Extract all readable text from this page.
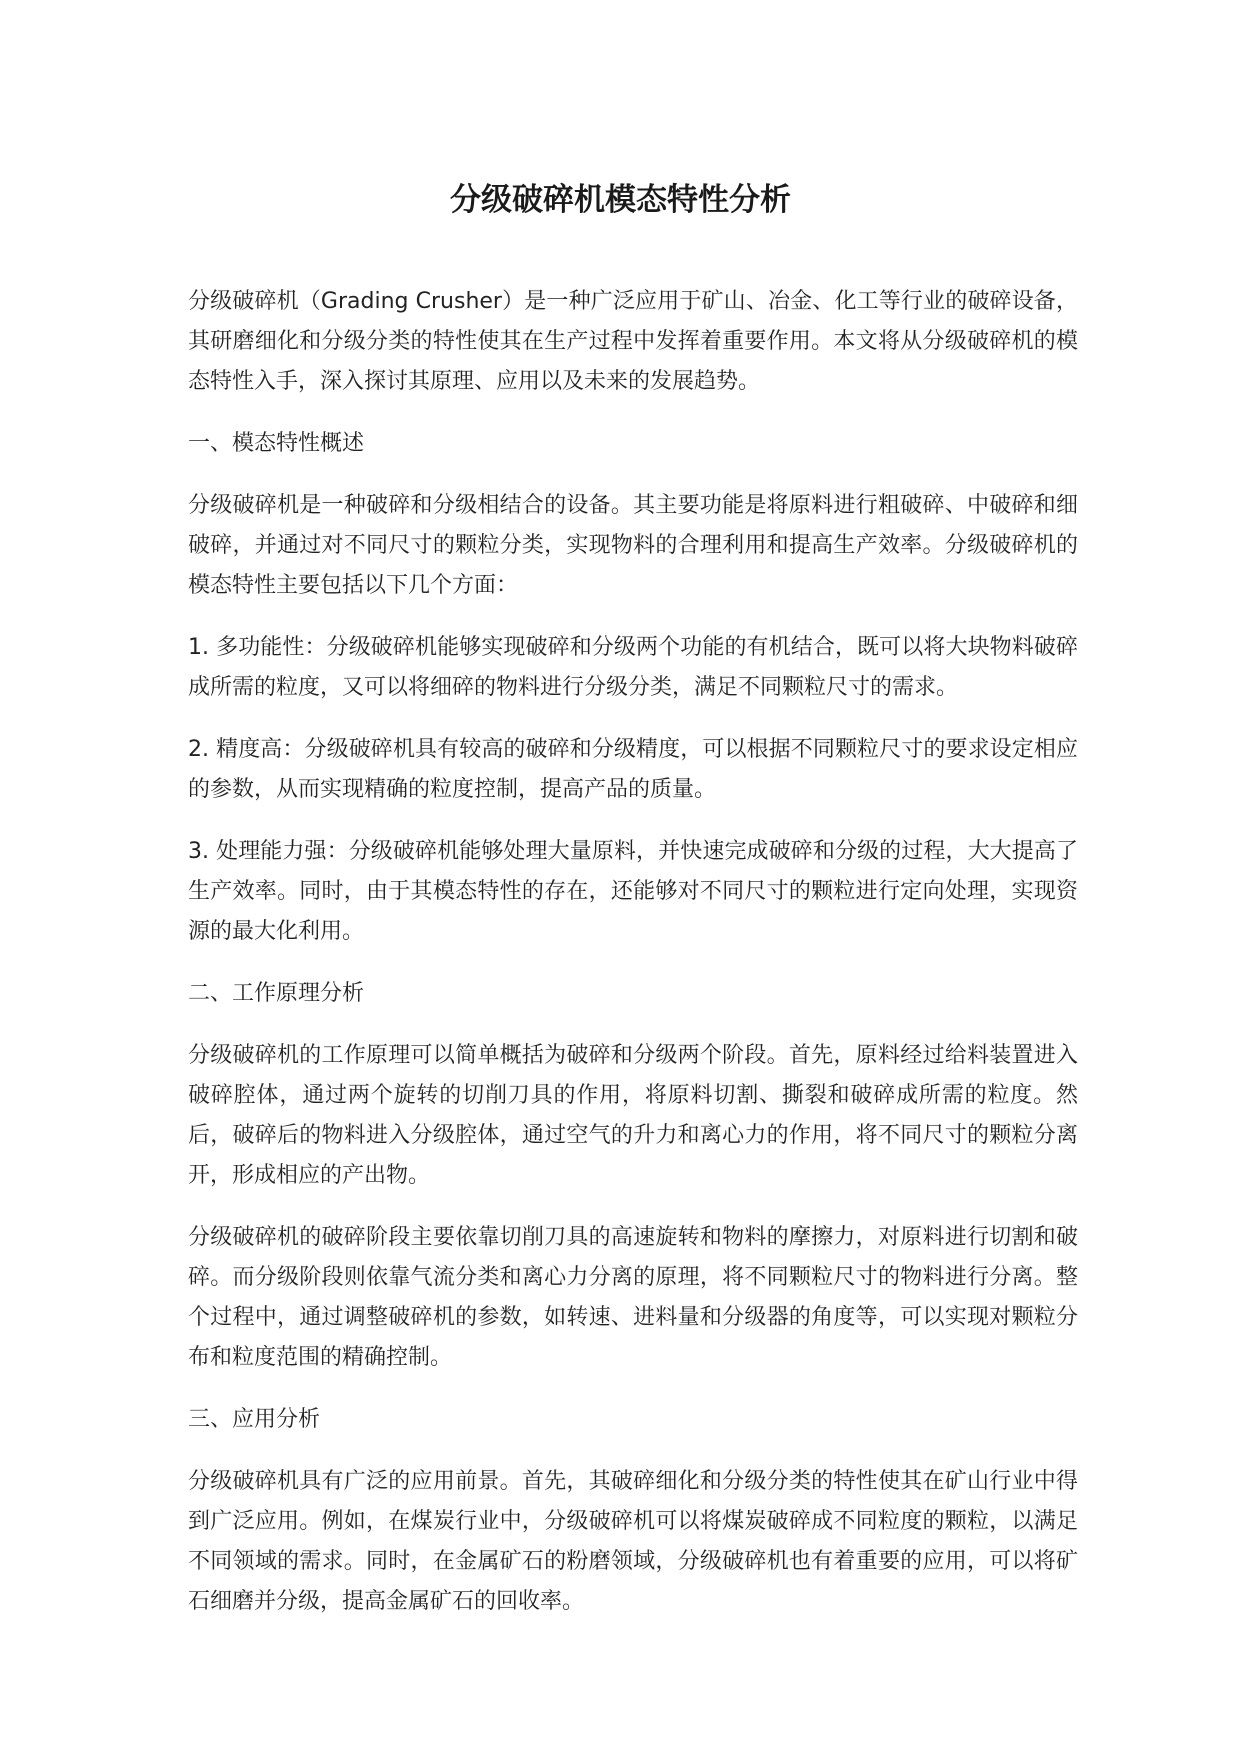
分级破碎机模态特性分析

分级破碎机（Grading Crusher）是一种广泛应用于矿山、冶金、化工等行业的破碎设备，其研磨细化和分级分类的特性使其在生产过程中发挥着重要作用。本文将从分级破碎机的模态特性入手，深入探讨其原理、应用以及未来的发展趋势。

一、模态特性概述

分级破碎机是一种破碎和分级相结合的设备。其主要功能是将原料进行粗破碎、中破碎和细破碎，并通过对不同尺寸的颗粒分类，实现物料的合理利用和提高生产效率。分级破碎机的模态特性主要包括以下几个方面：

1. 多功能性：分级破碎机能够实现破碎和分级两个功能的有机结合，既可以将大块物料破碎成所需的粒度，又可以将细碎的物料进行分级分类，满足不同颗粒尺寸的需求。

2. 精度高：分级破碎机具有较高的破碎和分级精度，可以根据不同颗粒尺寸的要求设定相应的参数，从而实现精确的粒度控制，提高产品的质量。

3. 处理能力强：分级破碎机能够处理大量原料，并快速完成破碎和分级的过程，大大提高了生产效率。同时，由于其模态特性的存在，还能够对不同尺寸的颗粒进行定向处理，实现资源的最大化利用。

二、工作原理分析

分级破碎机的工作原理可以简单概括为破碎和分级两个阶段。首先，原料经过给料装置进入破碎腔体，通过两个旋转的切削刀具的作用，将原料切割、撕裂和破碎成所需的粒度。然后，破碎后的物料进入分级腔体，通过空气的升力和离心力的作用，将不同尺寸的颗粒分离开，形成相应的产出物。

分级破碎机的破碎阶段主要依靠切削刀具的高速旋转和物料的摩擦力，对原料进行切割和破碎。而分级阶段则依靠气流分类和离心力分离的原理，将不同颗粒尺寸的物料进行分离。整个过程中，通过调整破碎机的参数，如转速、进料量和分级器的角度等，可以实现对颗粒分布和粒度范围的精确控制。

三、应用分析

分级破碎机具有广泛的应用前景。首先，其破碎细化和分级分类的特性使其在矿山行业中得到广泛应用。例如，在煤炭行业中，分级破碎机可以将煤炭破碎成不同粒度的颗粒，以满足不同领域的需求。同时，在金属矿石的粉磨领域，分级破碎机也有着重要的应用，可以将矿石细磨并分级，提高金属矿石的回收率。
